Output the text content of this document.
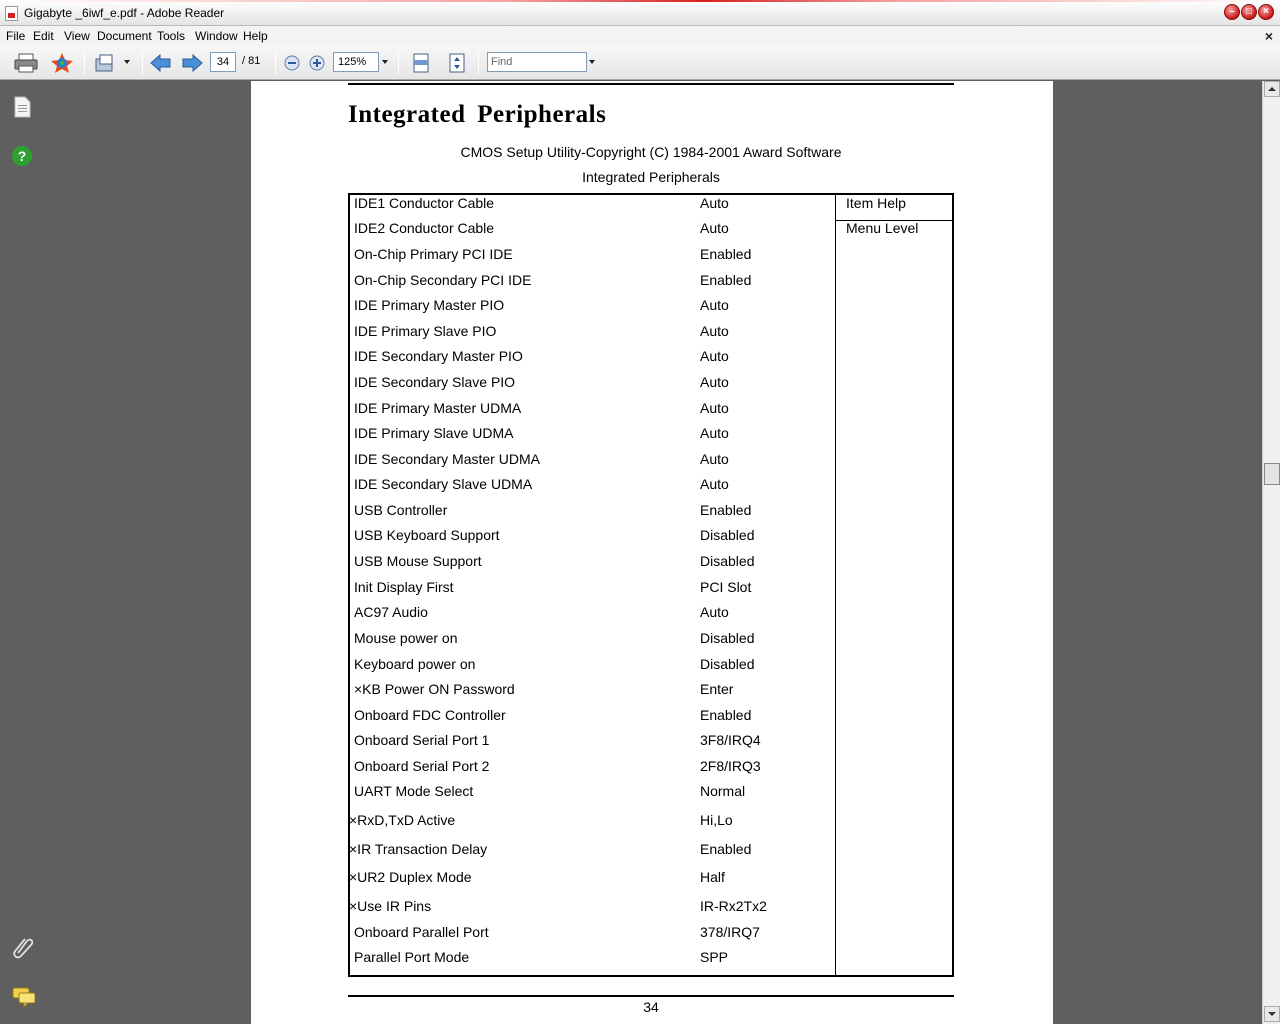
Gigabyte _6iwf_e.pdf - Adobe Reader	–	□	×
File Edit View Document Tools Window Help	×
34	/ 81	125%	Find
?
Integrated Peripherals
CMOS Setup Utility-Copyright (C) 1984-2001 Award Software
Integrated Peripherals
Item Help
Menu Level
IDE1 Conductor Cable	Auto
IDE2 Conductor Cable	Auto
On-Chip Primary PCI IDE	Enabled
On-Chip Secondary PCI IDE	Enabled
IDE Primary Master PIO	Auto
IDE Primary Slave PIO	Auto
IDE Secondary Master PIO	Auto
IDE Secondary Slave PIO	Auto
IDE Primary Master UDMA	Auto
IDE Primary Slave UDMA	Auto
IDE Secondary Master UDMA	Auto
IDE Secondary Slave UDMA	Auto
USB Controller	Enabled
USB Keyboard Support	Disabled
USB Mouse Support	Disabled
Init Display First	PCI Slot
AC97 Audio	Auto
Mouse power on	Disabled
Keyboard power on	Disabled
×KB Power ON Password	Enter
Onboard FDC Controller	Enabled
Onboard Serial Port 1	3F8/IRQ4
Onboard Serial Port 2	2F8/IRQ3
UART Mode Select	Normal
×RxD,TxD Active	Hi,Lo
×IR Transaction Delay	Enabled
×UR2 Duplex Mode	Half
×Use IR Pins	IR-Rx2Tx2
Onboard Parallel Port	378/IRQ7
Parallel Port Mode	SPP
34
